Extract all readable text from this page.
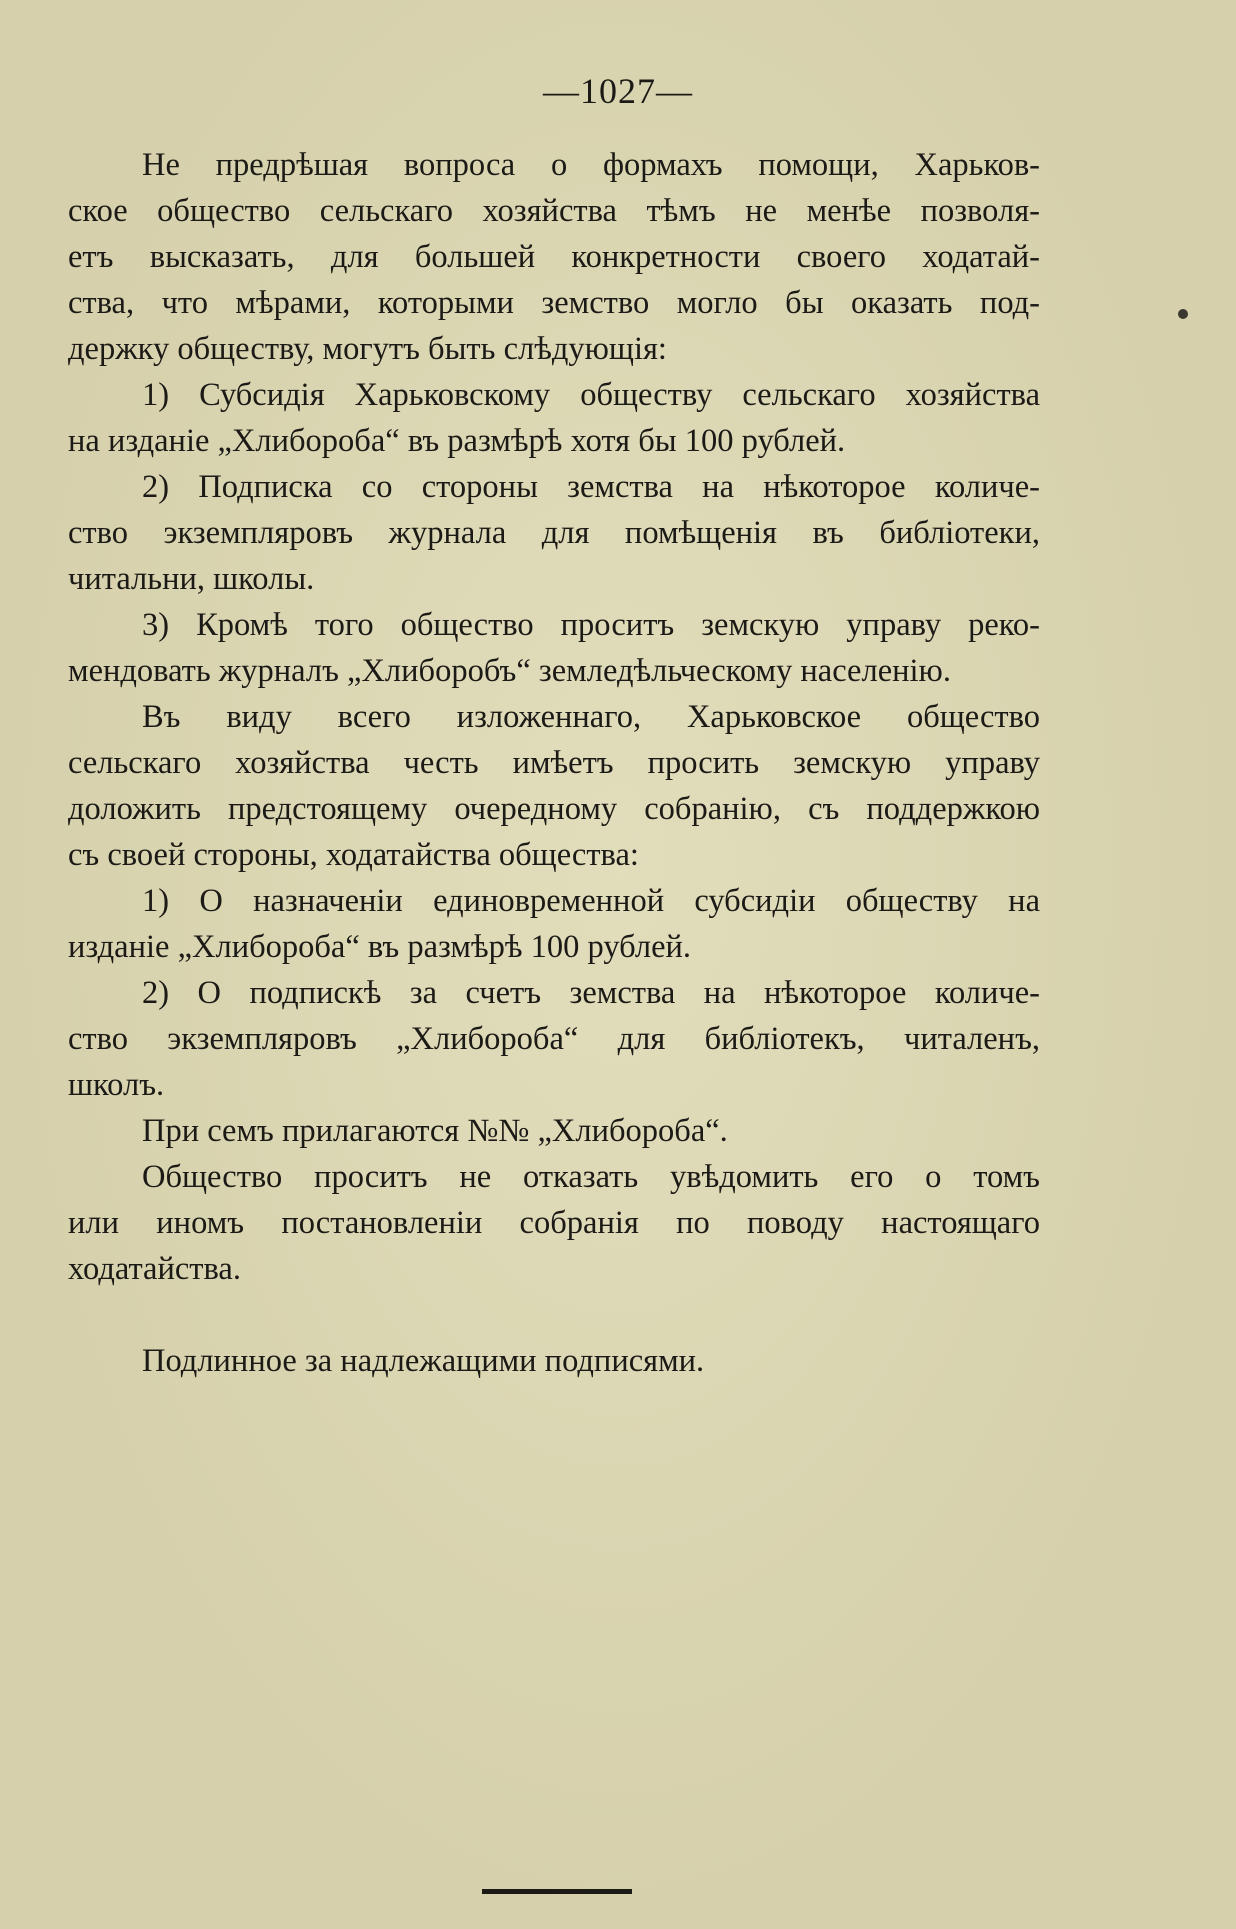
—1027—
Не предрѣшая вопроса о формахъ помощи, Харьков-
ское общество сельскаго хозяйства тѣмъ не менѣе позволя-
етъ высказать, для большей конкретности своего ходатай-
ства, что мѣрами, которыми земство могло бы оказать под-
держку обществу, могутъ быть слѣдующія:
1) Субсидія Харьковскому обществу сельскаго хозяйства
на изданіе „Хлибороба“ въ размѣрѣ хотя бы 100 рублей.
2) Подписка со стороны земства на нѣкоторое количе-
ство экземпляровъ журнала для помѣщенія въ библіотеки,
читальни, школы.
3) Кромѣ того общество проситъ земскую управу реко-
мендовать журналъ „Хлиборобъ“ земледѣльческому населенію.
Въ виду всего изложеннаго, Харьковское общество
сельскаго хозяйства честь имѣетъ просить земскую управу
доложить предстоящему очередному собранію, съ поддержкою
съ своей стороны, ходатайства общества:
1) О назначеніи единовременной субсидіи обществу на
изданіе „Хлибороба“ въ размѣрѣ 100 рублей.
2) О подпискѣ за счетъ земства на нѣкоторое количе-
ство экземпляровъ „Хлибороба“ для библіотекъ, читаленъ,
школъ.
При семъ прилагаются №№ „Хлибороба“.
Общество проситъ не отказать увѣдомить его о томъ
или иномъ постановленіи собранія по поводу настоящаго
ходатайства.
Подлинное за надлежащими подписями.
